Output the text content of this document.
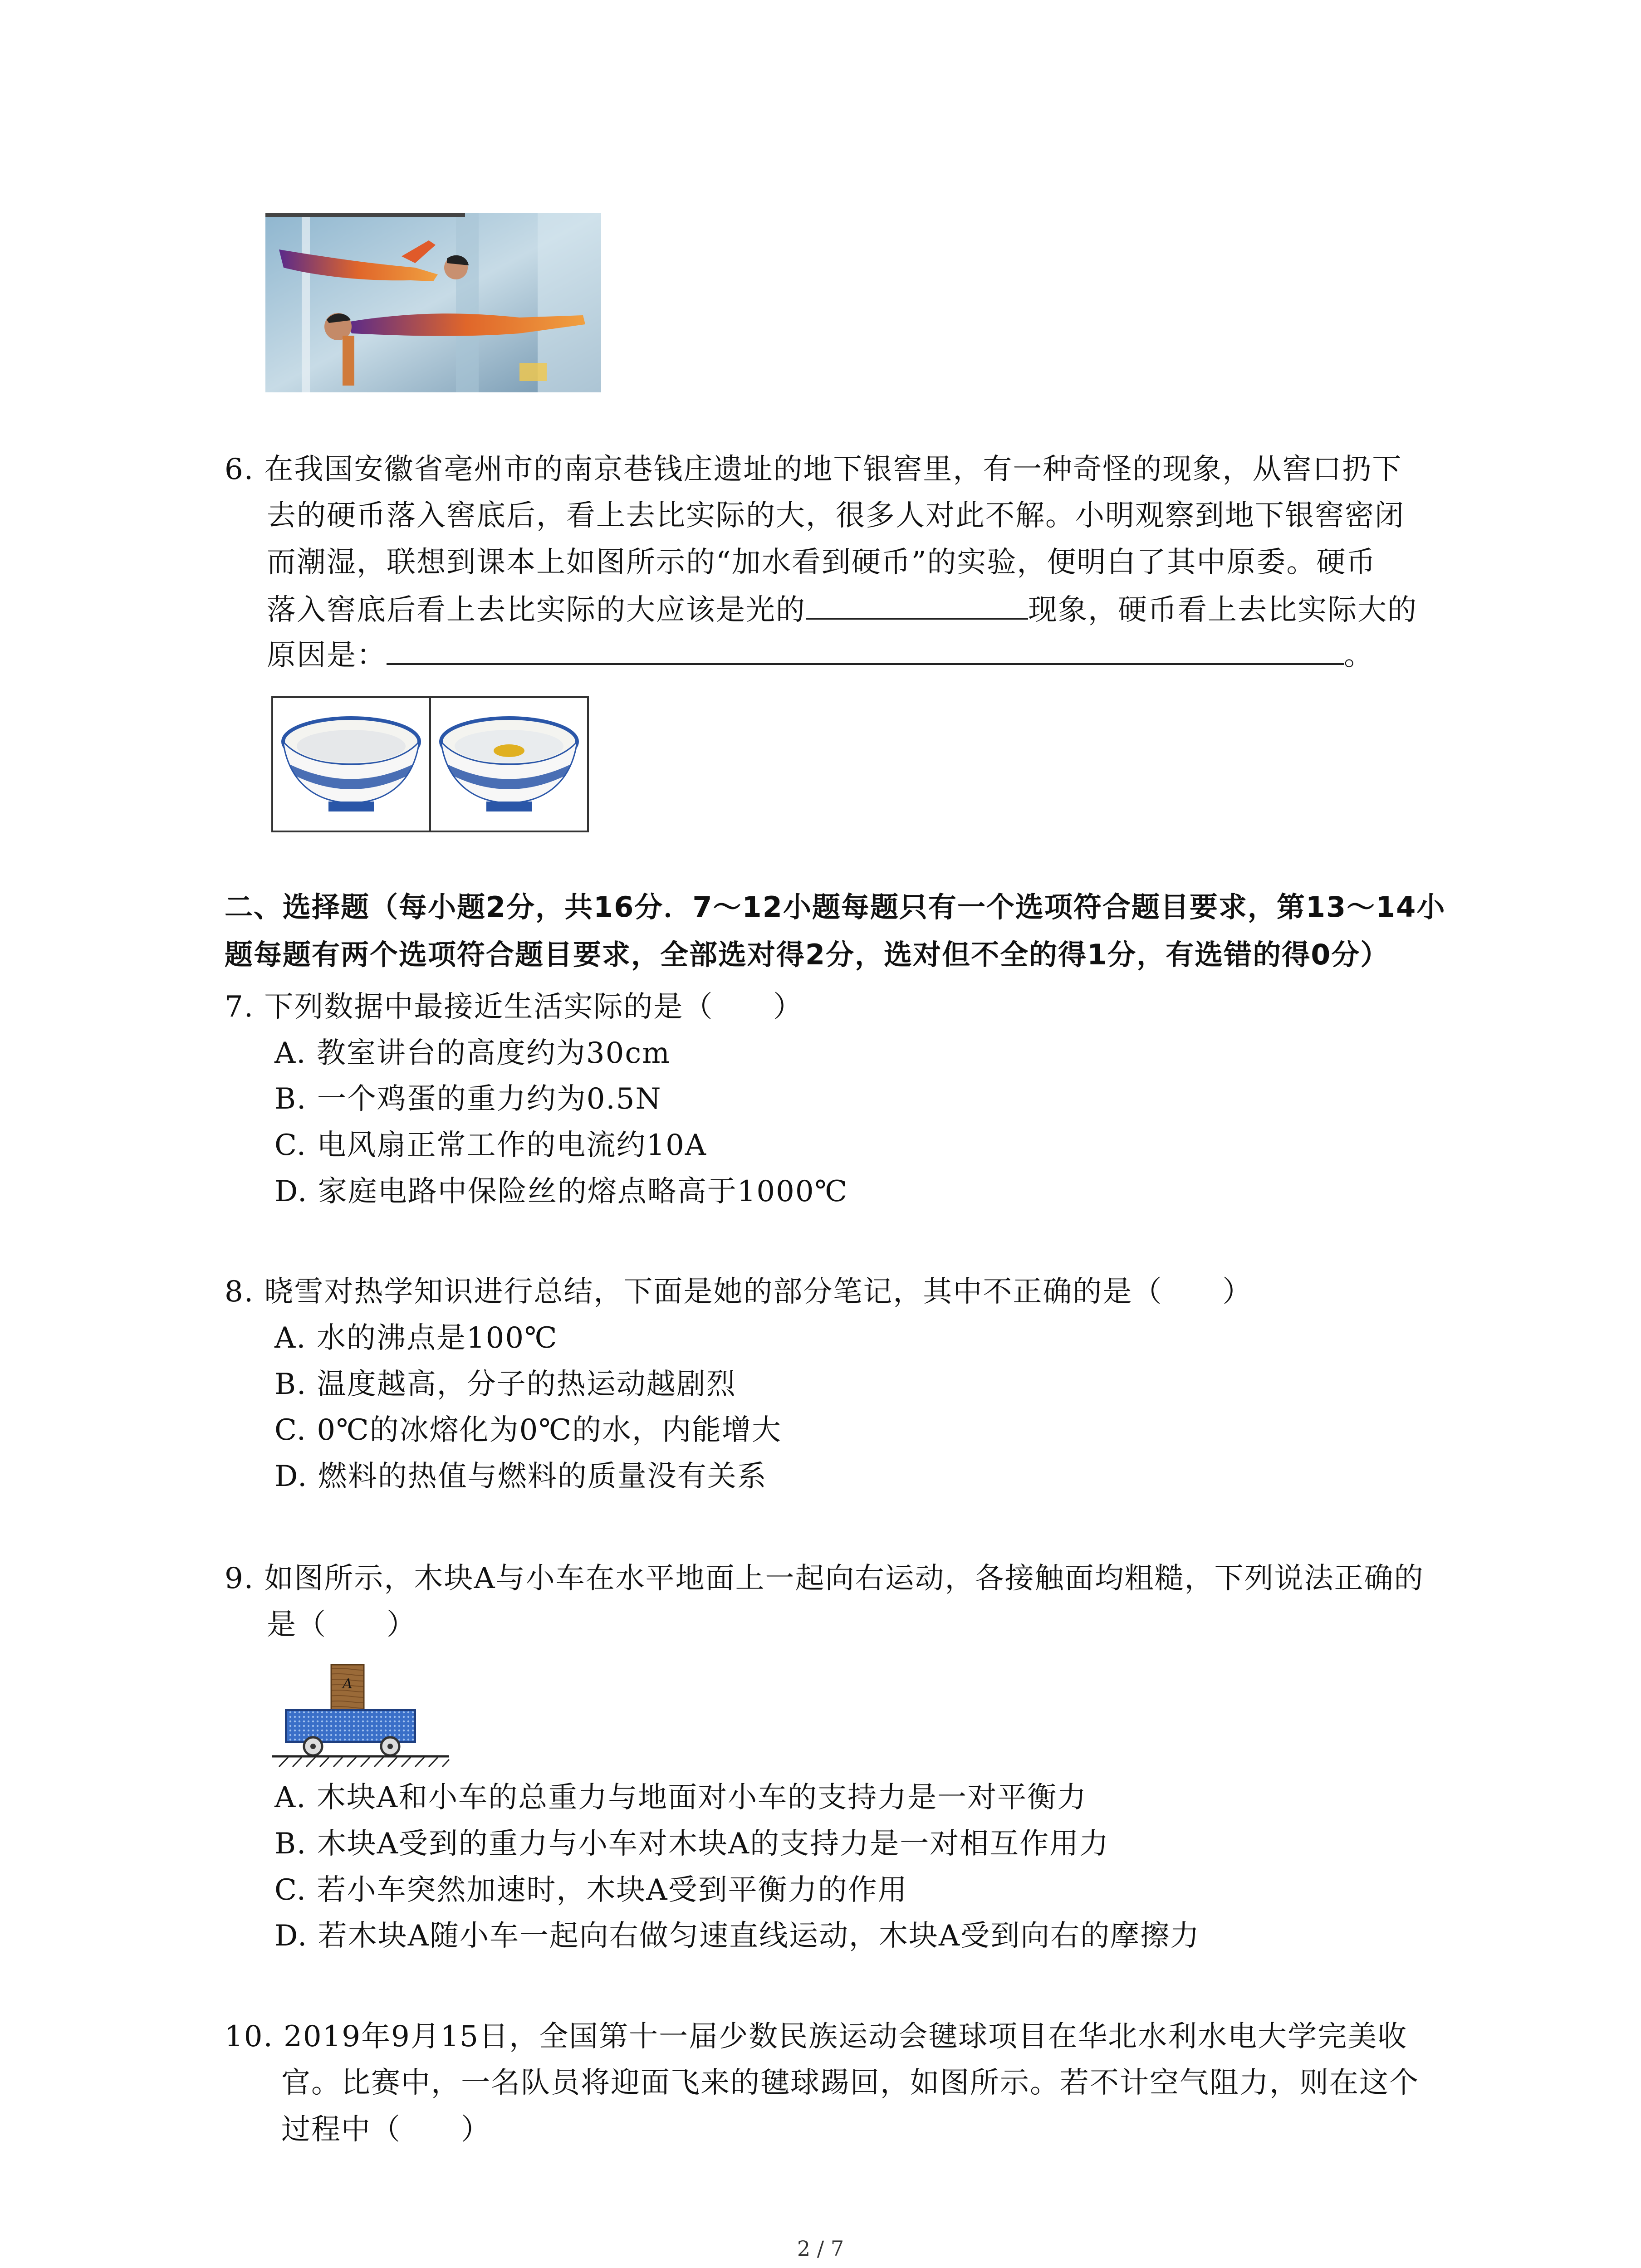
6. 在我国安徽省亳州市的南京巷钱庄遗址的地下银窖里，有一种奇怪的现象，从窖口扔下
去的硬币落入窖底后，看上去比实际的大，很多人对此不解。小明观察到地下银窖密闭
而潮湿，联想到课本上如图所示的“加水看到硬币”的实验，便明白了其中原委。硬币
落入窖底后看上去比实际的大应该是光的	现象，硬币看上去比实际大的
原因是：	。
二、选择题（每小题2分，共16分．7～12小题每题只有一个选项符合题目要求，第13～14小
题每题有两个选项符合题目要求，全部选对得2分，选对但不全的得1分，有选错的得0分）
7. 下列数据中最接近生活实际的是（　　）
A. 教室讲台的高度约为30cm
B. 一个鸡蛋的重力约为0.5N
C. 电风扇正常工作的电流约10A
D. 家庭电路中保险丝的熔点略高于1000℃
8. 晓雪对热学知识进行总结，下面是她的部分笔记，其中不正确的是（　　）
A. 水的沸点是100℃
B. 温度越高，分子的热运动越剧烈
C. 0℃的冰熔化为0℃的水，内能增大
D. 燃料的热值与燃料的质量没有关系
9. 如图所示，木块A与小车在水平地面上一起向右运动，各接触面均粗糙，下列说法正确的
是（　　）
A
A. 木块A和小车的总重力与地面对小车的支持力是一对平衡力
B. 木块A受到的重力与小车对木块A的支持力是一对相互作用力
C. 若小车突然加速时，木块A受到平衡力的作用
D. 若木块A随小车一起向右做匀速直线运动，木块A受到向右的摩擦力
10. 2019年9月15日，全国第十一届少数民族运动会毽球项目在华北水利水电大学完美收
官。比赛中，一名队员将迎面飞来的毽球踢回，如图所示。若不计空气阻力，则在这个
过程中（　　）
2 / 7
